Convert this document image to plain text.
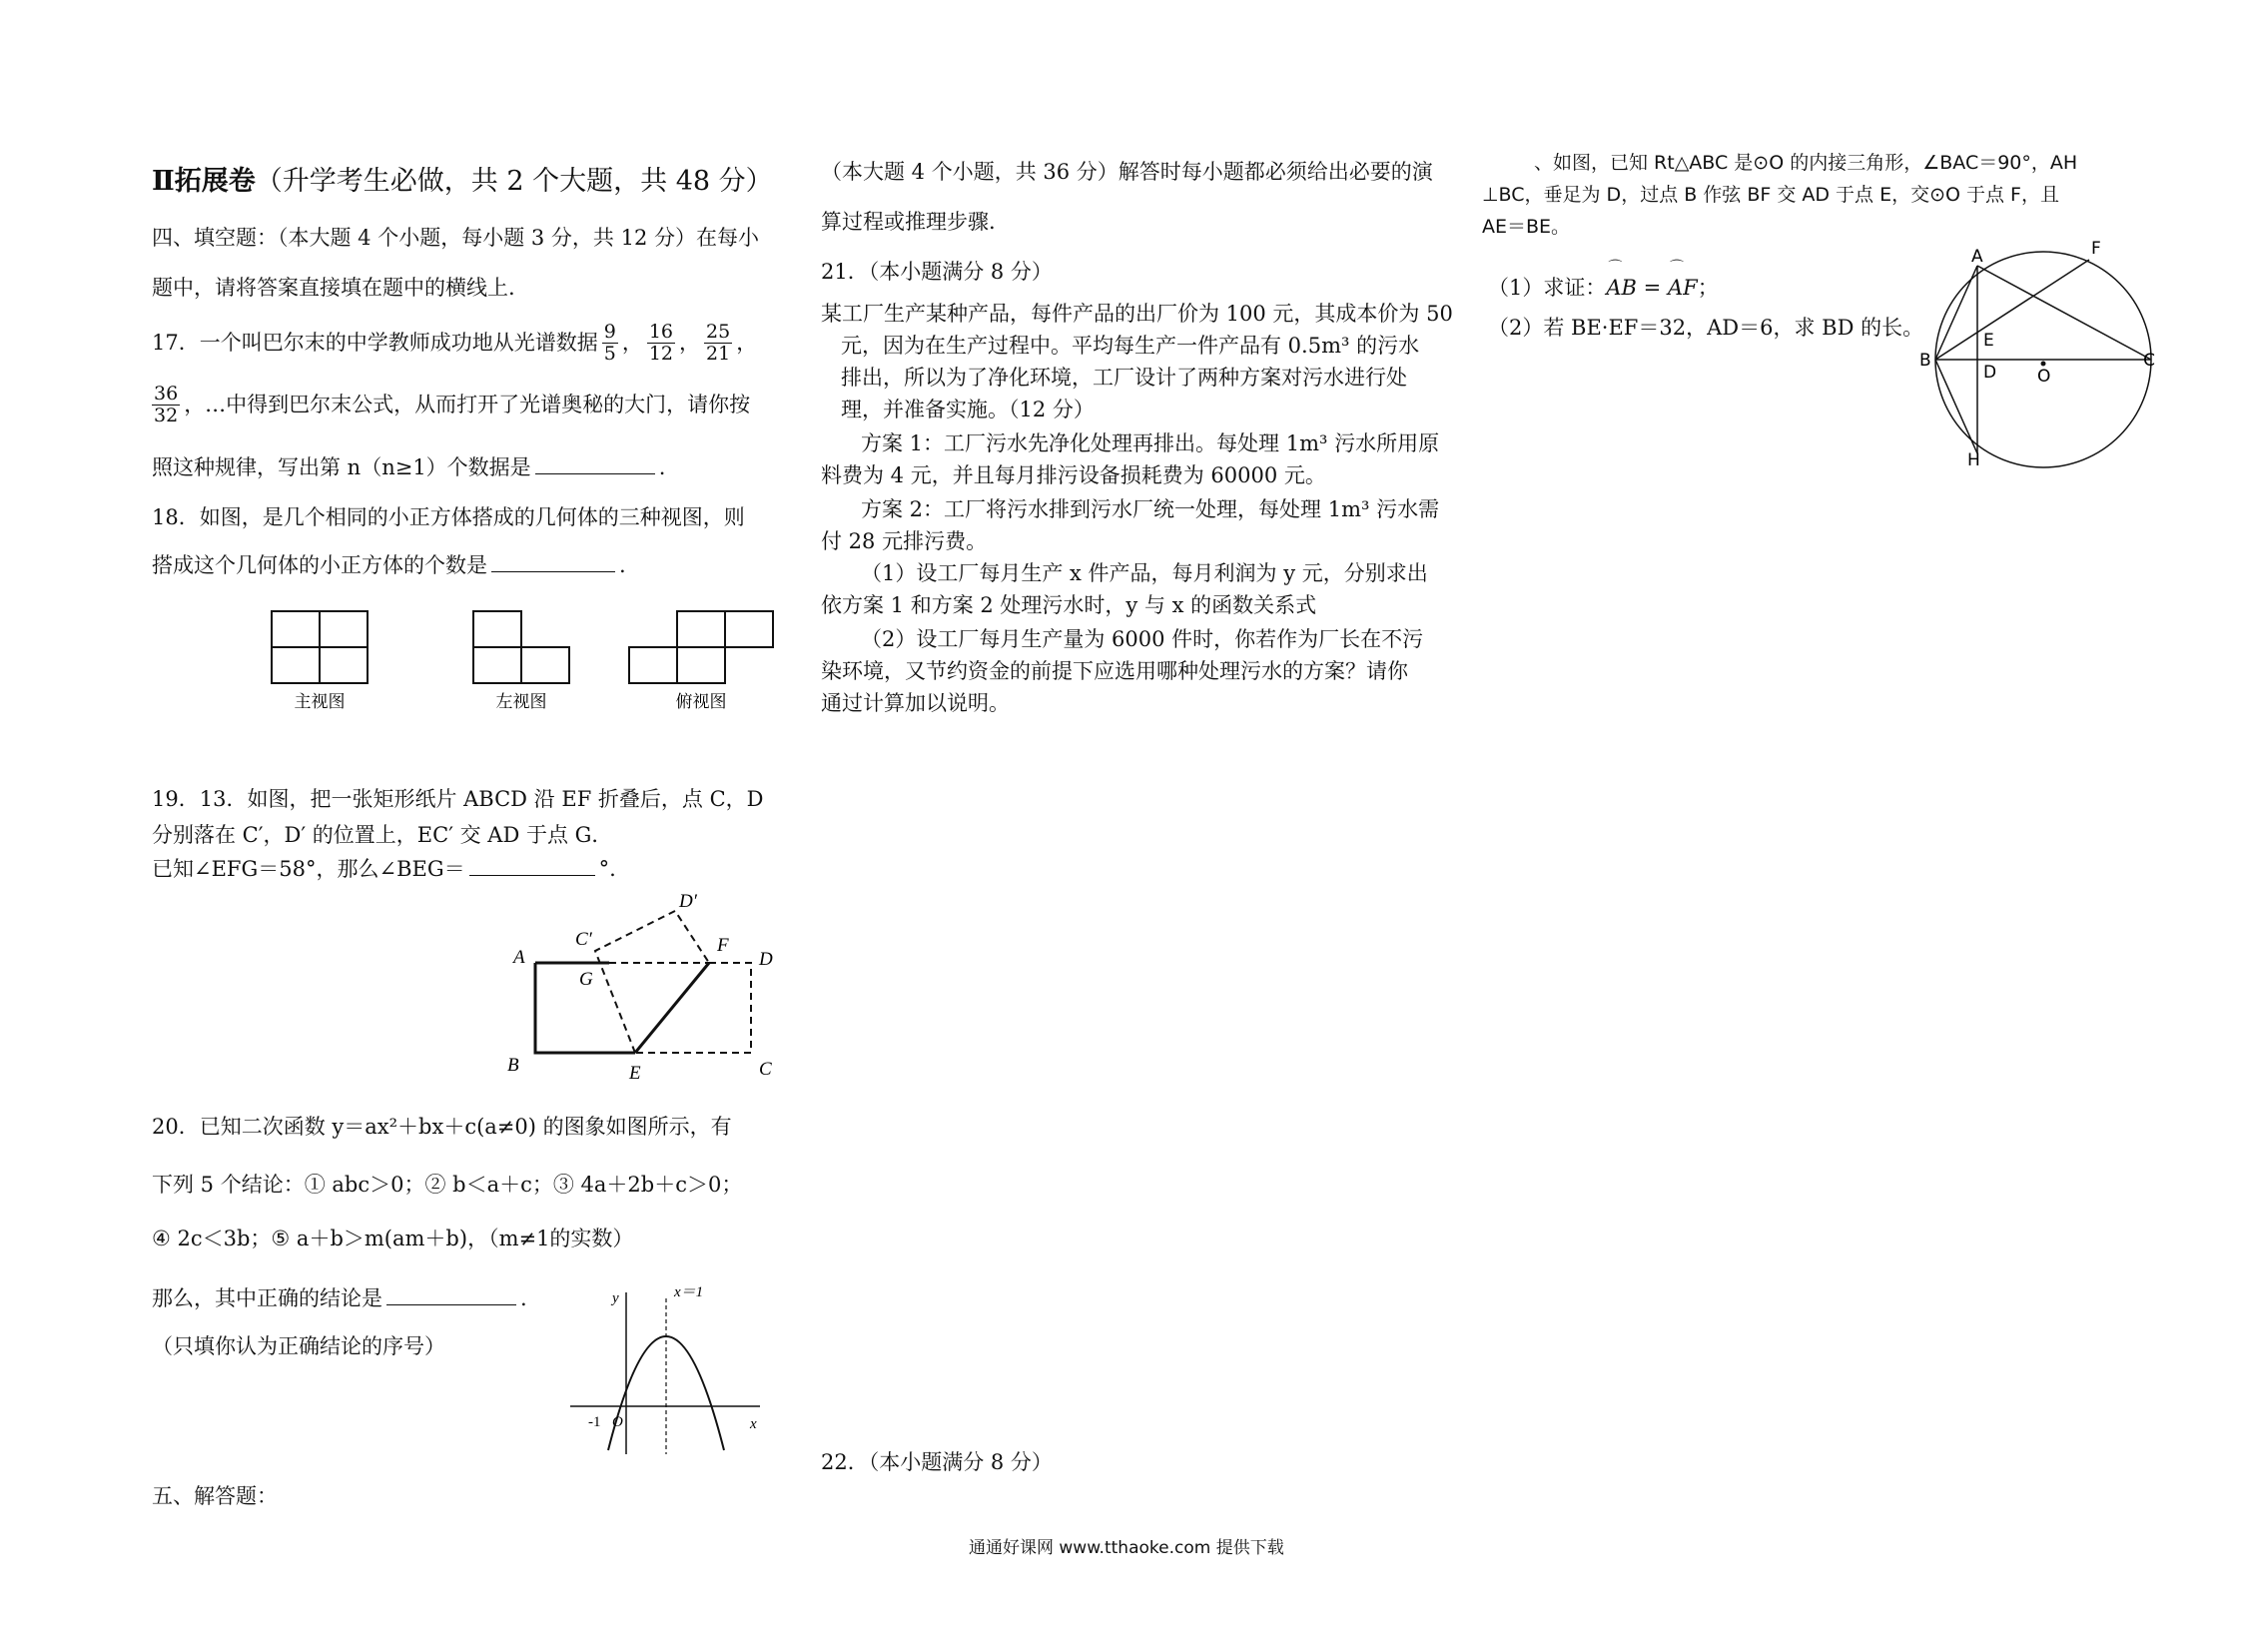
Ⅱ拓展卷（升学考生必做，共 2 个大题，共 48 分）
四、填空题：（本大题 4 个小题，每小题 3 分，共 12 分）在每小
题中，请将答案直接填在题中的横线上.
17．一个叫巴尔末的中学教师成功地从光谱数据 $\frac{9}{5}$ ， $\frac{16}{12}$ ， $\frac{25}{21}$ ，
$\frac{36}{32}$ ，…中得到巴尔末公式，从而打开了光谱奥秘的大门，请你按
照这种规律，写出第 n（n≥1）个数据是	.
18．如图，是几个相同的小正方体搭成的几何体的三种视图，则
搭成这个几何体的小正方体的个数是	.
主视图	左视图	俯视图
19．13．如图，把一张矩形纸片 ABCD 沿 EF 折叠后，点 C，D
分别落在 C′，D′ 的位置上，EC′ 交 AD 于点 G．
已知∠EFG＝58°，那么∠BEG＝	°.
A
B	C
D
E
F
G
C′
D′
20．已知二次函数 y＝ax²＋bx＋c(a≠0) 的图象如图所示，有
下列 5 个结论：① abc＞0；② b＜a＋c；③ 4a＋2b＋c＞0；
④ 2c＜3b；⑤ a＋b＞m(am＋b)，（m≠1的实数）
那么，其中正确的结论是	.
（只填你认为正确结论的序号）
y
x
x＝1
-1 O
五、解答题：
（本大题 4 个小题，共 36 分）解答时每小题都必须给出必要的演
算过程或推理步骤.
21．（本小题满分 8 分）
某工厂生产某种产品，每件产品的出厂价为 100 元，其成本价为 50
元，因为在生产过程中。平均每生产一件产品有 0.5m³ 的污水
排出，所以为了净化环境，工厂设计了两种方案对污水进行处
理，并准备实施。（12 分）
方案 1：工厂污水先净化处理再排出。每处理 1m³ 污水所用原
料费为 4 元，并且每月排污设备损耗费为 60000 元。
方案 2：工厂将污水排到污水厂统一处理，每处理 1m³ 污水需
付 28 元排污费。
（1）设工厂每月生产 x 件产品，每月利润为 y 元，分别求出
依方案 1 和方案 2 处理污水时，y 与 x 的函数关系式
（2）设工厂每月生产量为 6000 件时，你若作为厂长在不污
染环境，又节约资金的前提下应选用哪种处理污水的方案？请你
通过计算加以说明。
22．（本小题满分 8 分）
、如图，已知 Rt△ABC 是⊙O 的内接三角形，∠BAC＝90°，AH
⊥BC，垂足为 D，过点 B 作弦 BF 交 AD 于点 E，交⊙O 于点 F，且
AE＝BE。
（1）求证：⌒ AB = ⌒ AF；
（2）若 BE·EF＝32，AD＝6，求 BD 的长。
A
B	C
D
E
F
H
O
通通好课网 www.tthaoke.com 提供下载
